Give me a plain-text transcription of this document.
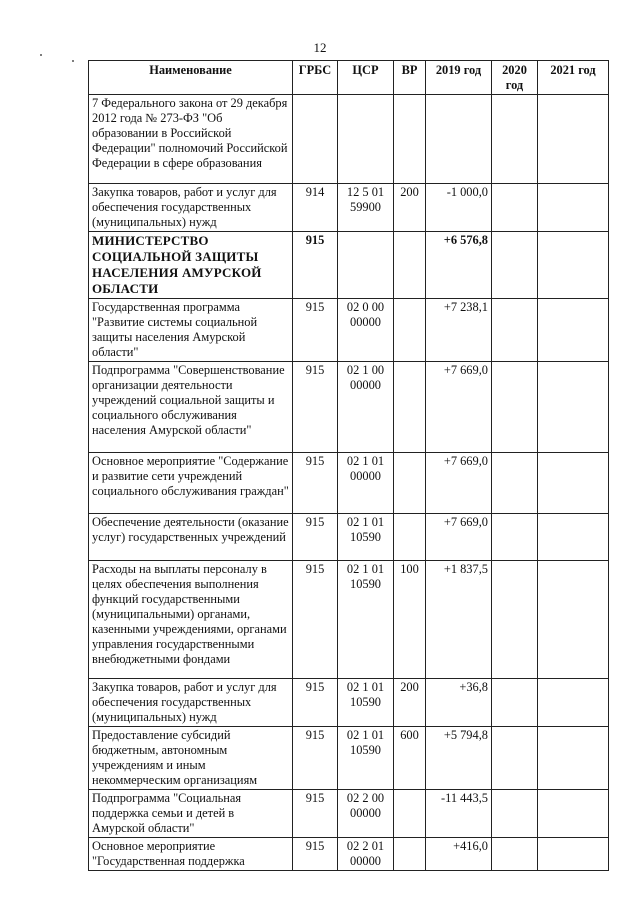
12
Наименование	ГРБС	ЦСР	ВР	2019 год	2020 год	2021 год
7 Федерального закона от 29 декабря 2012 года № 273-ФЗ "Об образовании в Российской Федерации" полномочий Российской Федерации в сфере образования						
Закупка товаров, работ и услуг для обеспечения государственных (муниципальных) нужд	914	12 5 01 59900	200	-1 000,0		
МИНИСТЕРСТВО СОЦИАЛЬНОЙ ЗАЩИТЫ НАСЕЛЕНИЯ АМУРСКОЙ ОБЛАСТИ	915			+6 576,8		
Государственная программа "Развитие системы социальной защиты населения Амурской области"	915	02 0 00 00000		+7 238,1		
Подпрограмма "Совершенствование организации деятельности учреждений социальной защиты и социального обслуживания населения Амурской области"	915	02 1 00 00000		+7 669,0		
Основное мероприятие "Содержание и развитие сети учреждений социального обслуживания граждан"	915	02 1 01 00000		+7 669,0		
Обеспечение деятельности (оказание услуг) государственных учреждений	915	02 1 01 10590		+7 669,0		
Расходы на выплаты персоналу в целях обеспечения выполнения функций государственными (муниципальными) органами, казенными учреждениями, органами управления государственными внебюджетными фондами	915	02 1 01 10590	100	+1 837,5		
Закупка товаров, работ и услуг для обеспечения государственных (муниципальных) нужд	915	02 1 01 10590	200	+36,8		
Предоставление субсидий бюджетным, автономным учреждениям и иным некоммерческим организациям	915	02 1 01 10590	600	+5 794,8		
Подпрограмма "Социальная поддержка семьи и детей в Амурской области"	915	02 2 00 00000		-11 443,5		
Основное мероприятие "Государственная поддержка	915	02 2 01 00000		+416,0		
